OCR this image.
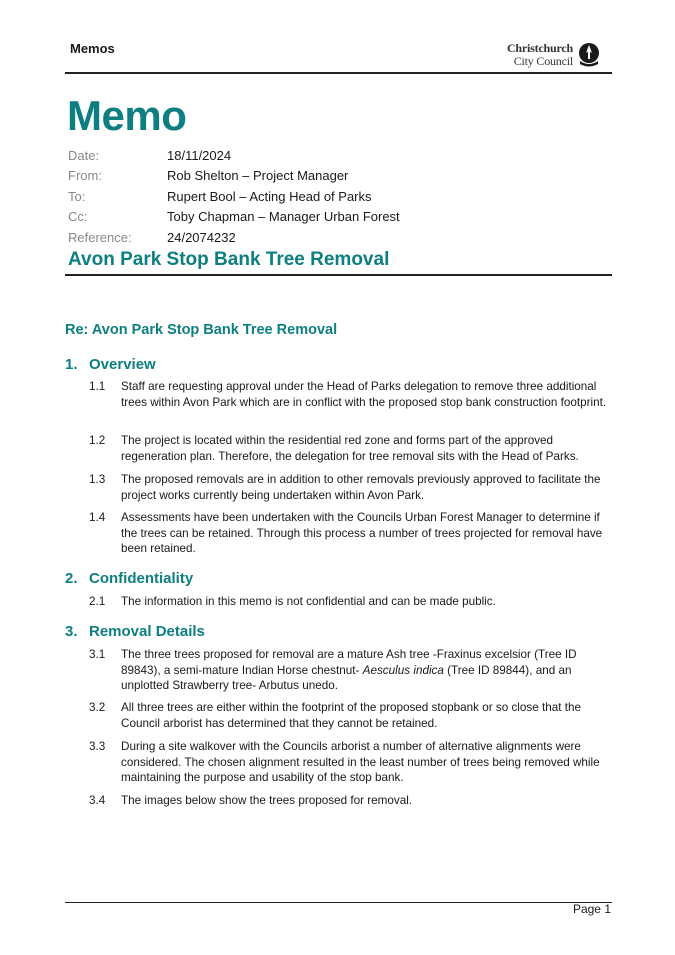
Memos	Christchurch
City Council
Memo
Date:	18/11/2024
From:	Rob Shelton – Project Manager
To:	Rupert Bool – Acting Head of Parks
Cc:	Toby Chapman – Manager Urban Forest
Reference:	24/2074232
Avon Park Stop Bank Tree Removal
Re: Avon Park Stop Bank Tree Removal
1. Overview
1.1 Staff are requesting approval under the Head of Parks delegation to remove three additional trees within Avon Park which are in conflict with the proposed stop bank construction footprint.
1.2 The project is located within the residential red zone and forms part of the approved regeneration plan. Therefore, the delegation for tree removal sits with the Head of Parks.
1.3 The proposed removals are in addition to other removals previously approved to facilitate the project works currently being undertaken within Avon Park.
1.4 Assessments have been undertaken with the Councils Urban Forest Manager to determine if the trees can be retained. Through this process a number of trees projected for removal have been retained.
2. Confidentiality
2.1 The information in this memo is not confidential and can be made public.
3. Removal Details
3.1 The three trees proposed for removal are a mature Ash tree -Fraxinus excelsior (Tree ID 89843), a semi-mature Indian Horse chestnut- Aesculus indica (Tree ID 89844), and an unplotted Strawberry tree- Arbutus unedo.
3.2 All three trees are either within the footprint of the proposed stopbank or so close that the Council arborist has determined that they cannot be retained.
3.3 During a site walkover with the Councils arborist a number of alternative alignments were considered. The chosen alignment resulted in the least number of trees being removed while maintaining the purpose and usability of the stop bank.
3.4 The images below show the trees proposed for removal.
Page 1
